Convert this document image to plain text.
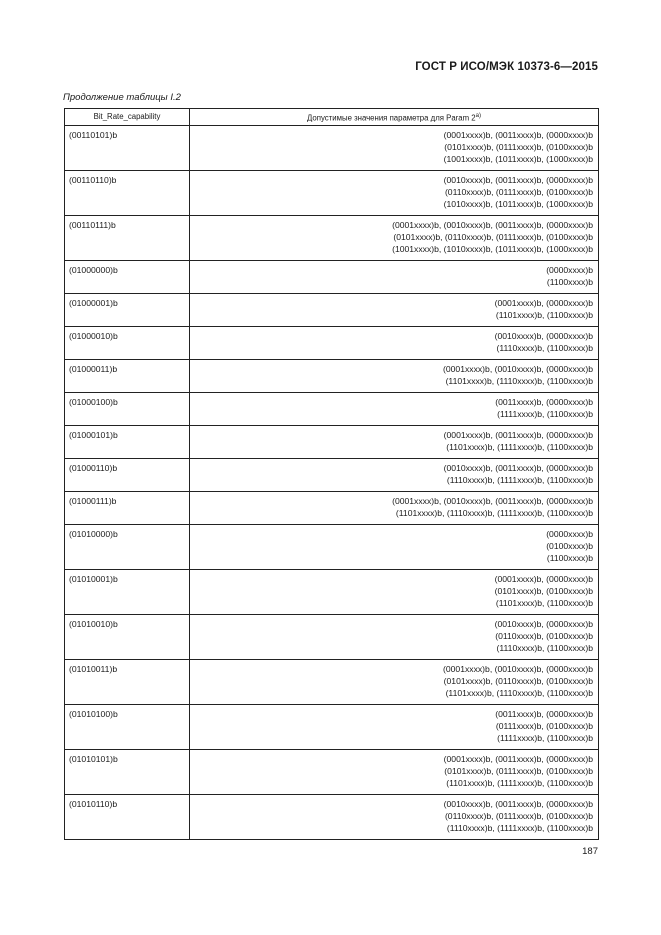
ГОСТ Р ИСО/МЭК 10373-6—2015
Продолжение таблицы I.2
Bit_Rate_capability	Допустимые значения параметра для Param 2$^{a)}$
(00110101)b	(0001xxxx)b, (0011xxxx)b, (0000xxxx)b
(0101xxxx)b, (0111xxxx)b, (0100xxxx)b
(1001xxxx)b, (1011xxxx)b, (1000xxxx)b

(00110110)b	(0010xxxx)b, (0011xxxx)b, (0000xxxx)b
(0110xxxx)b, (0111xxxx)b, (0100xxxx)b
(1010xxxx)b, (1011xxxx)b, (1000xxxx)b

(00110111)b	(0001xxxx)b, (0010xxxx)b, (0011xxxx)b, (0000xxxx)b
(0101xxxx)b, (0110xxxx)b, (0111xxxx)b, (0100xxxx)b
(1001xxxx)b, (1010xxxx)b, (1011xxxx)b, (1000xxxx)b

(01000000)b	(0000xxxx)b
(1100xxxx)b

(01000001)b	(0001xxxx)b, (0000xxxx)b
(1101xxxx)b, (1100xxxx)b

(01000010)b	(0010xxxx)b, (0000xxxx)b
(1110xxxx)b, (1100xxxx)b

(01000011)b	(0001xxxx)b, (0010xxxx)b, (0000xxxx)b
(1101xxxx)b, (1110xxxx)b, (1100xxxx)b

(01000100)b	(0011xxxx)b, (0000xxxx)b
(1111xxxx)b, (1100xxxx)b

(01000101)b	(0001xxxx)b, (0011xxxx)b, (0000xxxx)b
(1101xxxx)b, (1111xxxx)b, (1100xxxx)b

(01000110)b	(0010xxxx)b, (0011xxxx)b, (0000xxxx)b
(1110xxxx)b, (1111xxxx)b, (1100xxxx)b

(01000111)b	(0001xxxx)b, (0010xxxx)b, (0011xxxx)b, (0000xxxx)b
(1101xxxx)b, (1110xxxx)b, (1111xxxx)b, (1100xxxx)b

(01010000)b	(0000xxxx)b
(0100xxxx)b
(1100xxxx)b

(01010001)b	(0001xxxx)b, (0000xxxx)b
(0101xxxx)b, (0100xxxx)b
(1101xxxx)b, (1100xxxx)b

(01010010)b	(0010xxxx)b, (0000xxxx)b
(0110xxxx)b, (0100xxxx)b
(1110xxxx)b, (1100xxxx)b

(01010011)b	(0001xxxx)b, (0010xxxx)b, (0000xxxx)b
(0101xxxx)b, (0110xxxx)b, (0100xxxx)b
(1101xxxx)b, (1110xxxx)b, (1100xxxx)b

(01010100)b	(0011xxxx)b, (0000xxxx)b
(0111xxxx)b, (0100xxxx)b
(1111xxxx)b, (1100xxxx)b

(01010101)b	(0001xxxx)b, (0011xxxx)b, (0000xxxx)b
(0101xxxx)b, (0111xxxx)b, (0100xxxx)b
(1101xxxx)b, (1111xxxx)b, (1100xxxx)b

(01010110)b	(0010xxxx)b, (0011xxxx)b, (0000xxxx)b
(0110xxxx)b, (0111xxxx)b, (0100xxxx)b
(1110xxxx)b, (1111xxxx)b, (1100xxxx)b
187
